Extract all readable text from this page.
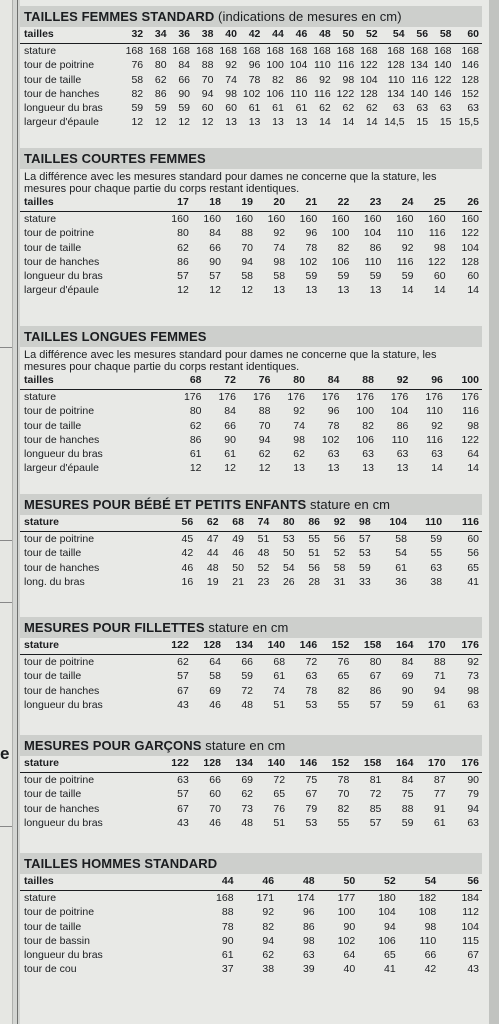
e
TAILLES FEMMES STANDARD (indications de mesures en cm)
tailles	32	34	36	38	40	42	44	46	48	50	52	54	56	58	60
stature	168	168	168	168	168	168	168	168	168	168	168	168	168	168	168
tour de poitrine	76	80	84	88	92	96	100	104	110	116	122	128	134	140	146
tour de taille	58	62	66	70	74	78	82	86	92	98	104	110	116	122	128
tour de hanches	82	86	90	94	98	102	106	110	116	122	128	134	140	146	152
longueur du bras	59	59	59	60	60	61	61	61	62	62	62	63	63	63	63
largeur d'épaule	12	12	12	12	13	13	13	13	14	14	14	14,5	15	15	15,5
TAILLES COURTES FEMMES
La différence avec les mesures standard pour dames ne concerne que la stature, les mesures pour chaque partie du corps restant identiques.
tailles	17	18	19	20	21	22	23	24	25	26
stature	160	160	160	160	160	160	160	160	160	160
tour de poitrine	80	84	88	92	96	100	104	110	116	122
tour de taille	62	66	70	74	78	82	86	92	98	104
tour de hanches	86	90	94	98	102	106	110	116	122	128
longueur du bras	57	57	58	58	59	59	59	59	60	60
largeur d'épaule	12	12	12	13	13	13	13	14	14	14
TAILLES LONGUES FEMMES
La différence avec les mesures standard pour dames ne concerne que la stature, les mesures pour chaque partie du corps restant identiques.
tailles	68	72	76	80	84	88	92	96	100
stature	176	176	176	176	176	176	176	176	176
tour de poitrine	80	84	88	92	96	100	104	110	116
tour de taille	62	66	70	74	78	82	86	92	98
tour de hanches	86	90	94	98	102	106	110	116	122
longueur du bras	61	61	62	62	63	63	63	63	64
largeur d'épaule	12	12	12	13	13	13	13	14	14
MESURES POUR BÉBÉ ET PETITS ENFANTS stature en cm
stature	56	62	68	74	80	86	92	98	104	110	116
tour de poitrine	45	47	49	51	53	55	56	57	58	59	60
tour de taille	42	44	46	48	50	51	52	53	54	55	56
tour de hanches	46	48	50	52	54	56	58	59	61	63	65
long. du bras	16	19	21	23	26	28	31	33	36	38	41
MESURES POUR FILLETTES stature en cm
stature	122	128	134	140	146	152	158	164	170	176
tour de poitrine	62	64	66	68	72	76	80	84	88	92
tour de taille	57	58	59	61	63	65	67	69	71	73
tour de hanches	67	69	72	74	78	82	86	90	94	98
longueur du bras	43	46	48	51	53	55	57	59	61	63
MESURES POUR GARÇONS stature en cm
stature	122	128	134	140	146	152	158	164	170	176
tour de poitrine	63	66	69	72	75	78	81	84	87	90
tour de taille	57	60	62	65	67	70	72	75	77	79
tour de hanches	67	70	73	76	79	82	85	88	91	94
longueur du bras	43	46	48	51	53	55	57	59	61	63
TAILLES HOMMES STANDARD
tailles	44	46	48	50	52	54	56
stature	168	171	174	177	180	182	184
tour de poitrine	88	92	96	100	104	108	112
tour de taille	78	82	86	90	94	98	104
tour de bassin	90	94	98	102	106	110	115
longueur du bras	61	62	63	64	65	66	67
tour de cou	37	38	39	40	41	42	43
